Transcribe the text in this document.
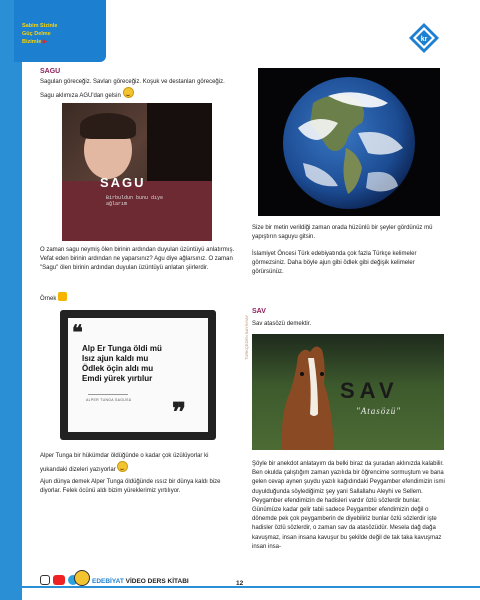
Sabim Sizinle
Güç Delme
Bizimle ▶	kr
SAGU
Sagulan göreceğiz. Savları göreceğiz. Koşuk ve destanları göreceğiz. Sagu aklımıza AGU'dan gelsin
SAGU
Birbuldun bunu dıye ağlarım
O zaman sagu neymiş ölen birinin ardından duyulan üzüntüyü anlatırmış. Vefat eden birinin ardından ne yaparsınız? Agu diye ağlarsınız. O zaman "Sagu" ölen birinin ardından duyulan üzüntüyü anlatan şiirlerdir.
Örnek
❝
Alp Er Tunga öldi mü
Isız ajun kaldı mu
Ödlek öçin aldı mu
Emdi yürek yırtılur
ALPER TUNGA SAGUSU ❞
Alper Tunga bir hükümdar öldüğünde o kadar çok üzülüyorlar ki yukarıdaki dizeleri yazıyorlar
Ajun dünya demek Alper Tunga öldüğünde ıssız bir dünya kaldı bize diyorlar. Felek öcünü aldı bizim yüreklerimiz yırtılıyor.
TÜRKÇEDEN BAYİNYAY
Size bir metin verildiği zaman orada hüzünlü bir şeyler gördünüz mü yapıştırın saguyu gitsin.
İslamiyet Öncesi Türk edebiyatında çok fazla Türkçe kelimeler görmezsiniz. Daha böyle ajun gibi ödlek gibi değişik kelimeler görürsünüz.
SAV
Sav atasözü demektir.
SAV
"Atasözü"
Şöyle bir anekdot anlatayım da belki biraz da şuradan aklınızda kalabilir. Ben okulda çalıştığım zaman yazılıda bir öğrencime sormuştum ve bana gelen cevap aynen şuydu yazılı kağıdındaki Peygamber efendimizin ismi duyulduğunda söylediğimiz şey yani Sallallahu Aleyhi ve Sellem. Peygamber efendimizin de hadisleri vardır özlü sözlerdir bunlar. Günümüze kadar gelir tabii sadece Peygamber efendimizin değil o dönemde pek çok peygamberin de diyebiliriz bunlar özlü sözlerdir işte hadisler özlü sözlerdir, o zaman sav da atasözüdür. Mesela dağ dağa kavuşmaz, insan insana kavuşur bu şekilde değil de tak taka kavuşmaz insan insa-
EDEBİYAT VİDEO DERS KİTABI	12
